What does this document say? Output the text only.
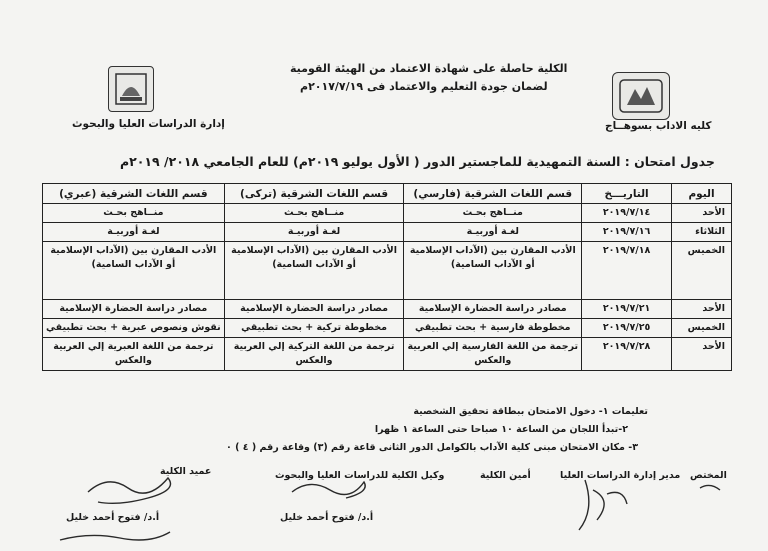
الكلية حاصلة على شهادة الاعتماد من الهيئة القومية
لضمان جودة التعليم والاعتماد فى ٢٠١٧/٧/١٩م
كليه الاداب بسوهــاج
إدارة الدراسات العليا والبحوث
جدول امتحان : السنة التمهيدية للماجستير الدور ( الأول يوليو ٢٠١٩م) للعام الجامعي ٢٠١٨/ ٢٠١٩م
اليوم	التاريـــخ	قسم اللغات الشرقية (فارسي)	قسم اللغات الشرقية (تركى)	قسم اللغات الشرقية (عبري)
الأحد	٢٠١٩/٧/١٤	منــاهج بحـث	منــاهج بحـث	منــاهج بحـث
الثلاثاء	٢٠١٩/٧/١٦	لغـة أوربيـة	لغـة أوربيـة	لغـة أوربيـة
الخميس	٢٠١٩/٧/١٨	الأدب المقارن بين (الآداب الإسلامية أو الآداب السامية)	الأدب المقارن بين (الآداب الإسلامية أو الآداب السامية)	الأدب المقارن بين (الآداب الإسلامية أو الآداب السامية)
الأحد	٢٠١٩/٧/٢١	مصادر دراسة الحضارة الإسلامية	مصادر دراسة الحضارة الإسلامية	مصادر دراسة الحضارة الإسلامية
الخميس	٢٠١٩/٧/٢٥	مخطوطة فارسية + بحث تطبيقي	مخطوطة تركية + بحث تطبيقي	نقوش ونصوص عبرية + بحث تطبيقي
الأحد	٢٠١٩/٧/٢٨	ترجمة من اللغة الفارسية إلي العربية والعكس	ترجمة من اللغة التركية إلي العربية والعكس	ترجمة من اللغة العبرية إلي العربية والعكس
تعليمات ١- دخول الامتحان ببطاقة تحقيق الشخصية
٢-تبدأ اللجان من الساعة ١٠ صباحا حتى الساعة ١ ظهرا
٣- مكان الامتحان مبنى كلية الآداب بالكوامل الدور الثانى قاعة رقم (٣) وقاعة رقم ( ٤ ) ٠
المختص
مدير إدارة الدراسات العليا
أمين الكلية
وكيل الكلية للدراسات العليا والبحوث
عميد الكلية
أ.د/ فتوح أحمد خليل
أ.د/ فتوح أحمد خليل
